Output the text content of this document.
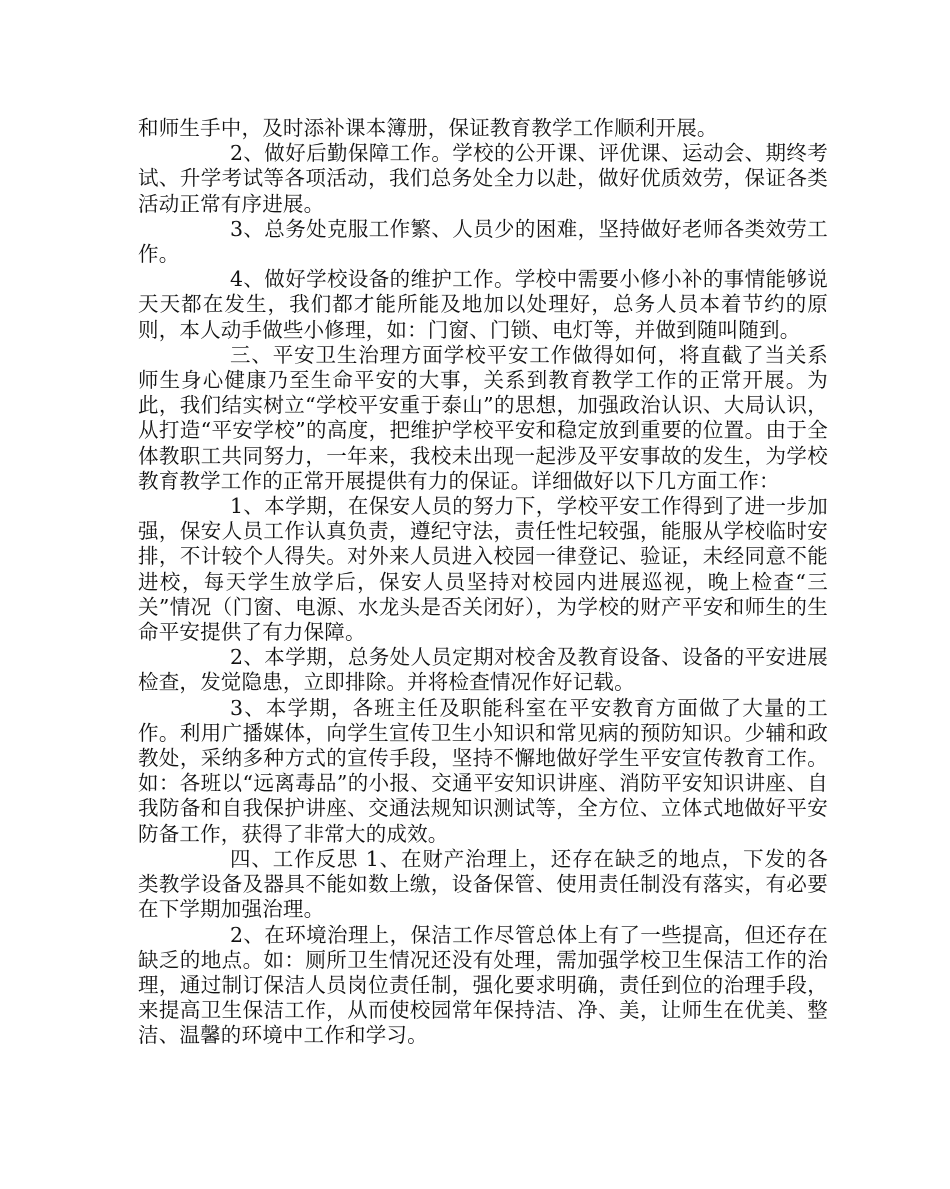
和师生手中，及时添补课本簿册，保证教育教学工作顺利开展。

2、做好后勤保障工作。学校的公开课、评优课、运动会、期终考试、升学考试等各项活动，我们总务处全力以赴，做好优质效劳，保证各类活动正常有序进展。

3、总务处克服工作繁、人员少的困难，坚持做好老师各类效劳工作。

4、做好学校设备的维护工作。学校中需要小修小补的事情能够说天天都在发生，我们都才能所能及地加以处理好，总务人员本着节约的原则，本人动手做些小修理，如：门窗、门锁、电灯等，并做到随叫随到。

三、平安卫生治理方面学校平安工作做得如何，将直截了当关系师生身心健康乃至生命平安的大事，关系到教育教学工作的正常开展。为此，我们结实树立“学校平安重于泰山”的思想，加强政治认识、大局认识，从打造“平安学校”的高度，把维护学校平安和稳定放到重要的位置。由于全体教职工共同努力，一年来，我校未出现一起涉及平安事故的发生，为学校教育教学工作的正常开展提供有力的保证。详细做好以下几方面工作：

1、本学期，在保安人员的努力下，学校平安工作得到了进一步加强，保安人员工作认真负责，遵纪守法，责任性圮较强，能服从学校临时安排，不计较个人得失。对外来人员进入校园一律登记、验证，未经同意不能进校，每天学生放学后，保安人员坚持对校园内进展巡视，晚上检查“三关”情况（门窗、电源、水龙头是否关闭好），为学校的财产平安和师生的生命平安提供了有力保障。

2、本学期，总务处人员定期对校舍及教育设备、设备的平安进展检查，发觉隐患，立即排除。并将检查情况作好记载。

3、本学期，各班主任及职能科室在平安教育方面做了大量的工作。利用广播媒体，向学生宣传卫生小知识和常见病的预防知识。少辅和政教处，采纳多种方式的宣传手段，坚持不懈地做好学生平安宣传教育工作。如：各班以“远离毒品”的小报、交通平安知识讲座、消防平安知识讲座、自我防备和自我保护讲座、交通法规知识测试等，全方位、立体式地做好平安防备工作，获得了非常大的成效。

四、工作反思 1、在财产治理上，还存在缺乏的地点，下发的各类教学设备及器具不能如数上缴，设备保管、使用责任制没有落实，有必要在下学期加强治理。

2、在环境治理上，保洁工作尽管总体上有了一些提高，但还存在缺乏的地点。如：厕所卫生情况还没有处理，需加强学校卫生保洁工作的治理，通过制订保洁人员岗位责任制，强化要求明确，责任到位的治理手段，来提高卫生保洁工作，从而使校园常年保持洁、净、美，让师生在优美、整洁、温馨的环境中工作和学习。
